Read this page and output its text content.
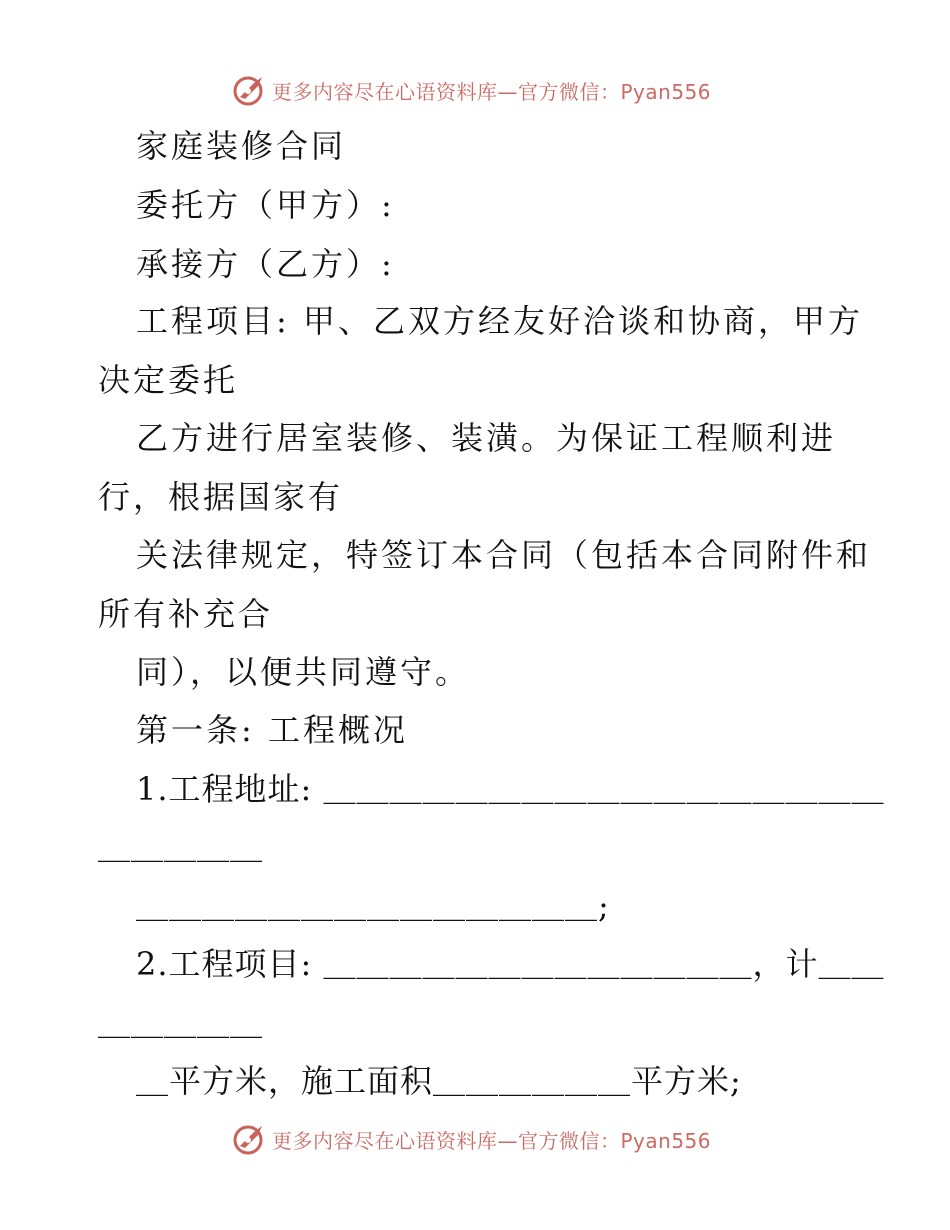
更多内容尽在心语资料库—官方微信：Pyan556

家庭装修合同

委托方（甲方）:

承接方（乙方）:

工程项目: 甲、乙双方经友好洽谈和协商，甲方

决定委托

乙方进行居室装修、装潢。为保证工程顺利进

行，根据国家有

关法律规定，特签订本合同（包括本合同附件和

所有补充合

同），以便共同遵守。

第一条: 工程概况

1.工程地址: ＿＿＿＿＿＿＿＿＿＿＿＿＿＿＿＿＿

＿＿＿＿＿

＿＿＿＿＿＿＿＿＿＿＿＿＿＿;

2.工程项目: ＿＿＿＿＿＿＿＿＿＿＿＿＿，计＿＿

＿＿＿＿＿

＿平方米，施工面积＿＿＿＿＿＿平方米;

更多内容尽在心语资料库—官方微信：Pyan556
